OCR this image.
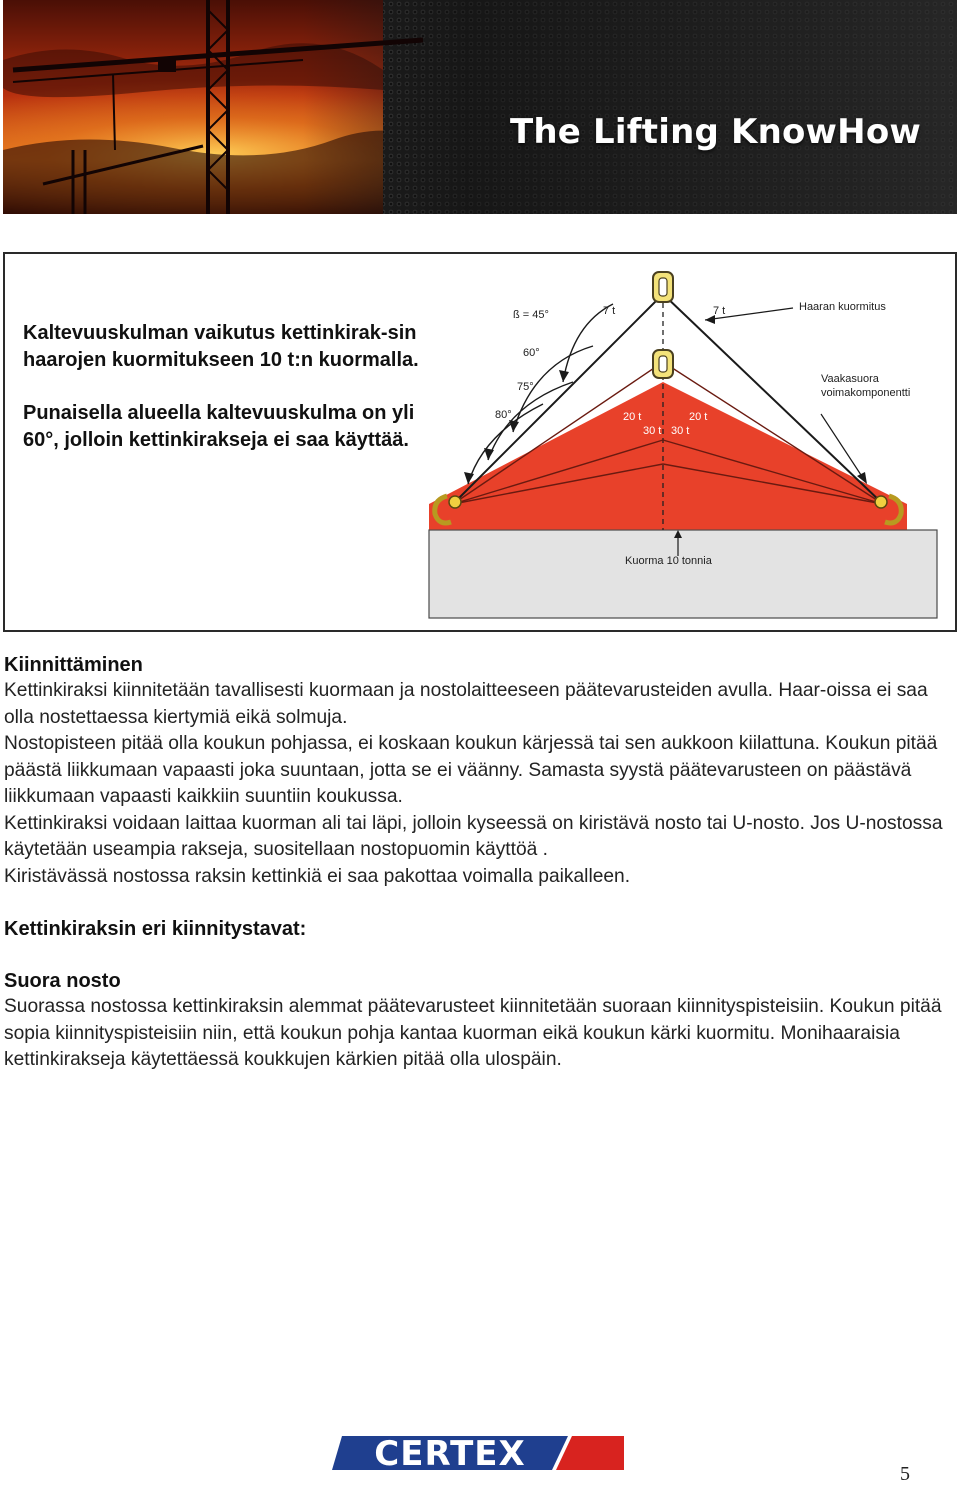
The Lifting KnowHow

Kaltevuuskulman vaikutus kettinkirak-sin haarojen kuormitukseen 10 t:n kuormalla.

Punaisella alueella kaltevuuskulma on yli 60°, jolloin kettinkirakseja ei saa käyttää.

ß = 45°
60°
75°
80°
7 t	7 t
10 t	10 t
20 t	20 t
30 t 30 t
Haaran kuormitus
Vaakasuora
voimakomponentti
Kuorma 10 tonnia
Kiinnittäminen

Kettinkiraksi kiinnitetään tavallisesti kuormaan ja nostolaitteeseen päätevarusteiden avulla. Haar-oissa ei saa olla nostettaessa kiertymiä eikä solmuja.

Nostopisteen pitää olla koukun pohjassa, ei koskaan koukun kärjessä tai sen aukkoon kiilattuna. Koukun pitää päästä liikkumaan vapaasti joka suuntaan, jotta se ei väänny. Samasta syystä päätevarusteen on päästävä liikkumaan vapaasti kaikkiin suuntiin koukussa.

Kettinkiraksi voidaan laittaa kuorman ali tai läpi, jolloin kyseessä on kiristävä nosto tai U-nosto. Jos U-nostossa käytetään useampia rakseja, suositellaan nostopuomin käyttöä .

Kiristävässä nostossa raksin kettinkiä ei saa pakottaa voimalla paikalleen.

Kettinkiraksin eri kiinnitystavat:
Suora nosto

Suorassa nostossa kettinkiraksin alemmat päätevarusteet kiinnitetään suoraan kiinnityspisteisiin. Koukun pitää sopia kiinnityspisteisiin niin, että koukun pohja kantaa kuorman eikä koukun kärki kuormitu. Monihaaraisia kettinkirakseja käytettäessä koukkujen kärkien pitää olla ulospäin.

CERTEX	5
